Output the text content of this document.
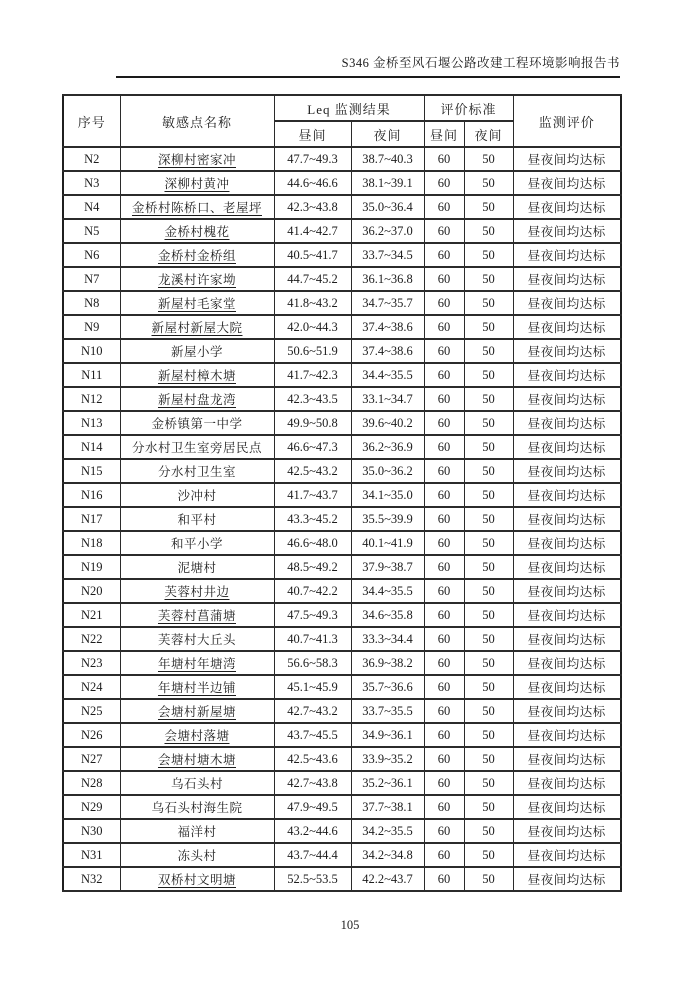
S346 金桥至风石堰公路改建工程环境影响报告书
序号	敏感点名称	Leq 监测结果		评价标准		监测评价
		昼间	夜间	昼间	夜间	
N2	深柳村密家冲	47.7~49.3	38.7~40.3	60	50	昼夜间均达标
N3	深柳村黄冲	44.6~46.6	38.1~39.1	60	50	昼夜间均达标
N4	金桥村陈桥口、老屋坪	42.3~43.8	35.0~36.4	60	50	昼夜间均达标
N5	金桥村槐花	41.4~42.7	36.2~37.0	60	50	昼夜间均达标
N6	金桥村金桥组	40.5~41.7	33.7~34.5	60	50	昼夜间均达标
N7	龙溪村许家坳	44.7~45.2	36.1~36.8	60	50	昼夜间均达标
N8	新屋村毛家堂	41.8~43.2	34.7~35.7	60	50	昼夜间均达标
N9	新屋村新屋大院	42.0~44.3	37.4~38.6	60	50	昼夜间均达标
N10	新屋小学	50.6~51.9	37.4~38.6	60	50	昼夜间均达标
N11	新屋村樟木塘	41.7~42.3	34.4~35.5	60	50	昼夜间均达标
N12	新屋村盘龙湾	42.3~43.5	33.1~34.7	60	50	昼夜间均达标
N13	金桥镇第一中学	49.9~50.8	39.6~40.2	60	50	昼夜间均达标
N14	分水村卫生室旁居民点	46.6~47.3	36.2~36.9	60	50	昼夜间均达标
N15	分水村卫生室	42.5~43.2	35.0~36.2	60	50	昼夜间均达标
N16	沙冲村	41.7~43.7	34.1~35.0	60	50	昼夜间均达标
N17	和平村	43.3~45.2	35.5~39.9	60	50	昼夜间均达标
N18	和平小学	46.6~48.0	40.1~41.9	60	50	昼夜间均达标
N19	泥塘村	48.5~49.2	37.9~38.7	60	50	昼夜间均达标
N20	芙蓉村井边	40.7~42.2	34.4~35.5	60	50	昼夜间均达标
N21	芙蓉村菖蒲塘	47.5~49.3	34.6~35.8	60	50	昼夜间均达标
N22	芙蓉村大丘头	40.7~41.3	33.3~34.4	60	50	昼夜间均达标
N23	年塘村年塘湾	56.6~58.3	36.9~38.2	60	50	昼夜间均达标
N24	年塘村半边铺	45.1~45.9	35.7~36.6	60	50	昼夜间均达标
N25	会塘村新屋塘	42.7~43.2	33.7~35.5	60	50	昼夜间均达标
N26	会塘村落塘	43.7~45.5	34.9~36.1	60	50	昼夜间均达标
N27	会塘村塘木塘	42.5~43.6	33.9~35.2	60	50	昼夜间均达标
N28	乌石头村	42.7~43.8	35.2~36.1	60	50	昼夜间均达标
N29	乌石头村海生院	47.9~49.5	37.7~38.1	60	50	昼夜间均达标
N30	福洋村	43.2~44.6	34.2~35.5	60	50	昼夜间均达标
N31	冻头村	43.7~44.4	34.2~34.8	60	50	昼夜间均达标
N32	双桥村文明塘	52.5~53.5	42.2~43.7	60	50	昼夜间均达标
105
